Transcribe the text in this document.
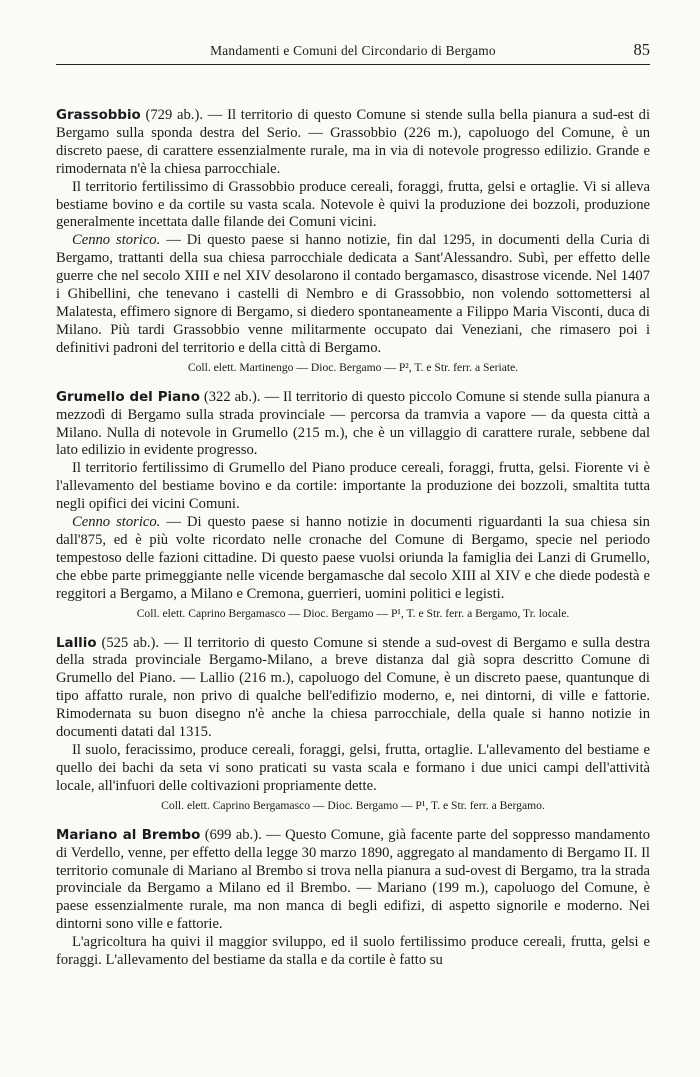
Mandamenti e Comuni del Circondario di Bergamo	85

Grassobbio (729 ab.). — Il territorio di questo Comune si stende sulla bella pianura a sud-est di Bergamo sulla sponda destra del Serio. — Grassobbio (226 m.), capoluogo del Comune, è un discreto paese, di carattere essenzialmente rurale, ma in via di notevole progresso edilizio. Grande e rimodernata n'è la chiesa parrocchiale.

Il territorio fertilissimo di Grassobbio produce cereali, foraggi, frutta, gelsi e ortaglie. Vi si alleva bestiame bovino e da cortile su vasta scala. Notevole è quivi la produzione dei bozzoli, produzione generalmente incettata dalle filande dei Comuni vicini.

Cenno storico. — Di questo paese si hanno notizie, fin dal 1295, in documenti della Curia di Bergamo, trattanti della sua chiesa parrocchiale dedicata a Sant'Alessandro. Subì, per effetto delle guerre che nel secolo XIII e nel XIV desolarono il contado bergamasco, disastrose vicende. Nel 1407 i Ghibellini, che tenevano i castelli di Nembro e di Grassobbio, non volendo sottomettersi al Malatesta, effimero signore di Bergamo, si diedero spontaneamente a Filippo Maria Visconti, duca di Milano. Più tardi Grassobbio venne militarmente occupato dai Veneziani, che rimasero poi i definitivi padroni del territorio e della città di Bergamo.

Coll. elett. Martinengo — Dioc. Bergamo — P², T. e Str. ferr. a Seriate.

Grumello del Piano (322 ab.). — Il territorio di questo piccolo Comune si stende sulla pianura a mezzodì di Bergamo sulla strada provinciale — percorsa da tramvia a vapore — da questa città a Milano. Nulla di notevole in Grumello (215 m.), che è un villaggio di carattere rurale, sebbene dal lato edilizio in evidente progresso.

Il territorio fertilissimo di Grumello del Piano produce cereali, foraggi, frutta, gelsi. Fiorente vi è l'allevamento del bestiame bovino e da cortile: importante la produzione dei bozzoli, smaltita tutta negli opifici dei vicini Comuni.

Cenno storico. — Di questo paese si hanno notizie in documenti riguardanti la sua chiesa sin dall'875, ed è più volte ricordato nelle cronache del Comune di Bergamo, specie nel periodo tempestoso delle fazioni cittadine. Di questo paese vuolsi oriunda la famiglia dei Lanzi di Grumello, che ebbe parte primeggiante nelle vicende bergamasche dal secolo XIII al XIV e che diede podestà e reggitori a Bergamo, a Milano e Cremona, guerrieri, uomini politici e legisti.

Coll. elett. Caprino Bergamasco — Dioc. Bergamo — P¹, T. e Str. ferr. a Bergamo, Tr. locale.

Lallio (525 ab.). — Il territorio di questo Comune si stende a sud-ovest di Bergamo e sulla destra della strada provinciale Bergamo-Milano, a breve distanza dal già sopra descritto Comune di Grumello del Piano. — Lallio (216 m.), capoluogo del Comune, è un discreto paese, quantunque di tipo affatto rurale, non privo di qualche bell'edifizio moderno, e, nei dintorni, di ville e fattorie. Rimodernata su buon disegno n'è anche la chiesa parrocchiale, della quale si hanno notizie in documenti datati dal 1315.

Il suolo, feracissimo, produce cereali, foraggi, gelsi, frutta, ortaglie. L'allevamento del bestiame e quello dei bachi da seta vi sono praticati su vasta scala e formano i due unici campi dell'attività locale, all'infuori delle coltivazioni propriamente dette.

Coll. elett. Caprino Bergamasco — Dioc. Bergamo — P¹, T. e Str. ferr. a Bergamo.

Mariano al Brembo (699 ab.). — Questo Comune, già facente parte del soppresso mandamento di Verdello, venne, per effetto della legge 30 marzo 1890, aggregato al mandamento di Bergamo II. Il territorio comunale di Mariano al Brembo si trova nella pianura a sud-ovest di Bergamo, tra la strada provinciale da Bergamo a Milano ed il Brembo. — Mariano (199 m.), capoluogo del Comune, è paese essenzialmente rurale, ma non manca di begli edifizi, di aspetto signorile e moderno. Nei dintorni sono ville e fattorie.

L'agricoltura ha quivi il maggior sviluppo, ed il suolo fertilissimo produce cereali, frutta, gelsi e foraggi. L'allevamento del bestiame da stalla e da cortile è fatto su
